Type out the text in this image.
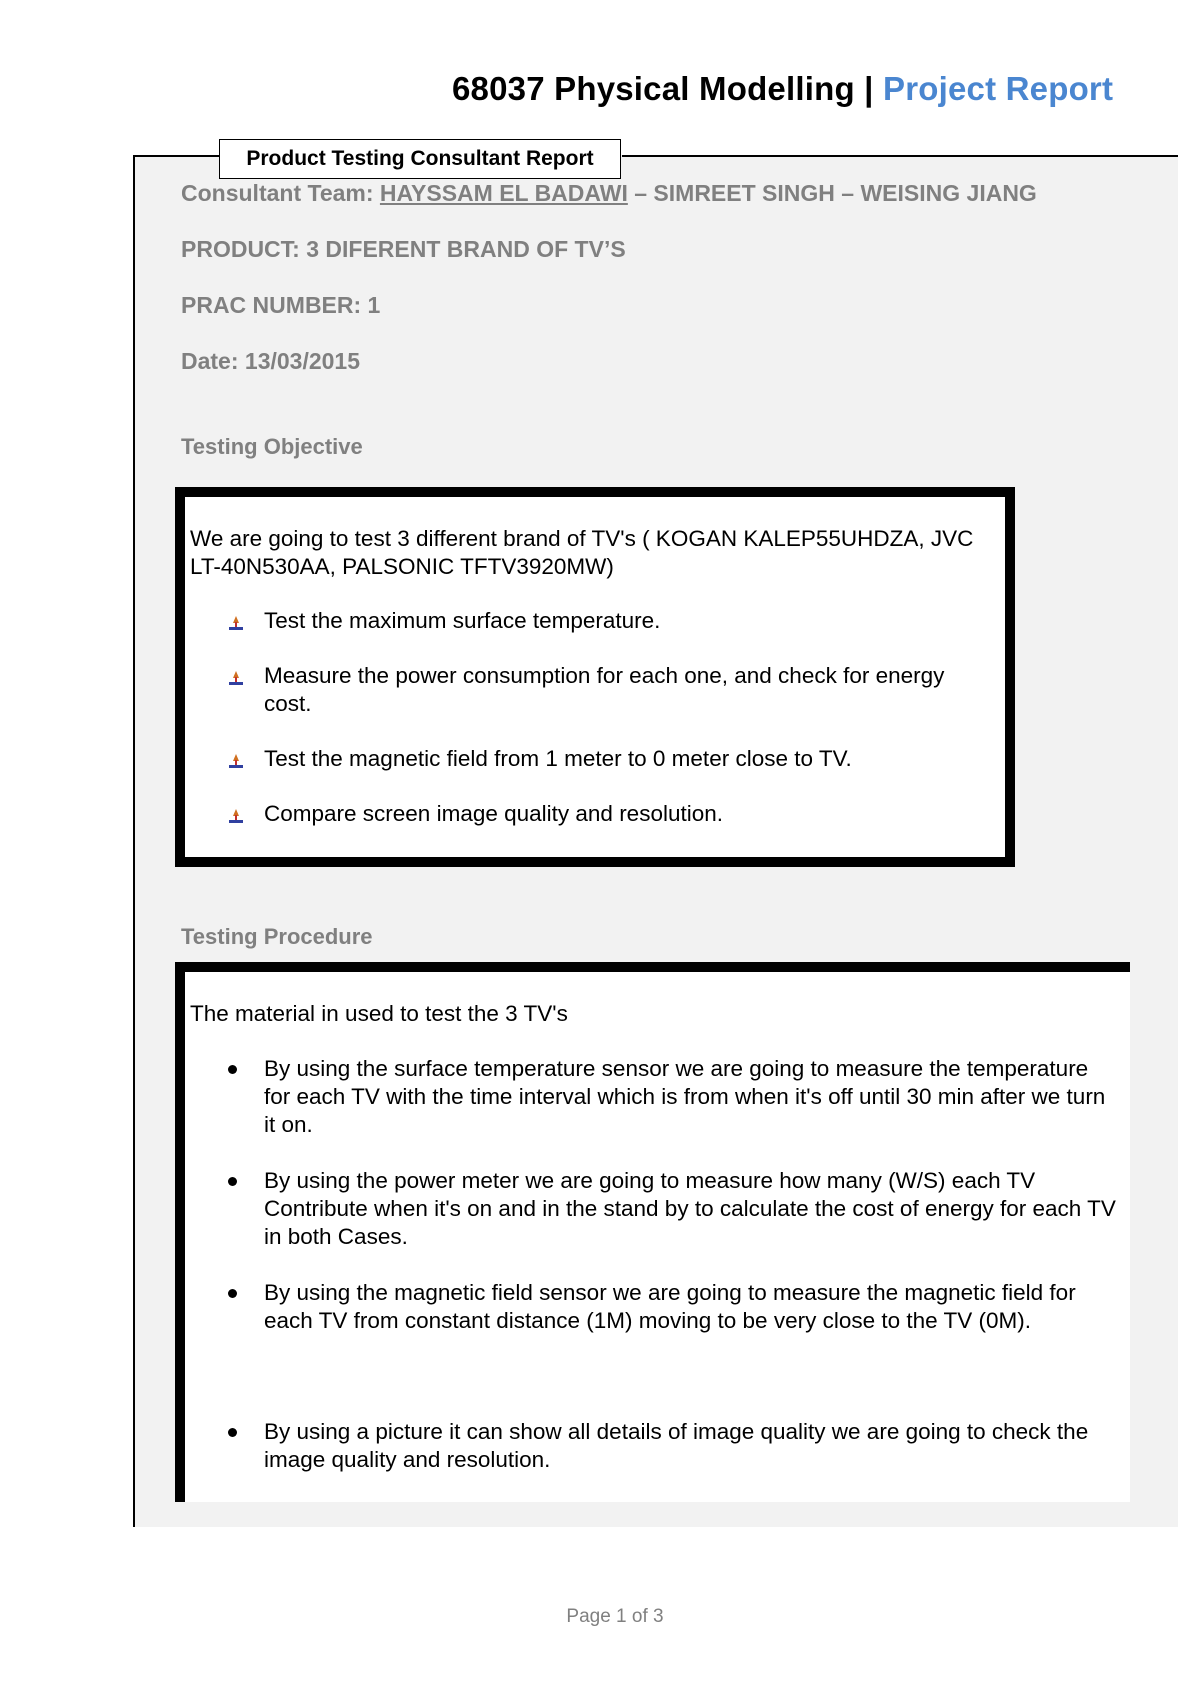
68037 Physical Modelling | Project Report
Product Testing Consultant Report
Consultant Team: HAYSSAM EL BADAWI – SIMREET SINGH – WEISING JIANG
PRODUCT: 3 DIFERENT BRAND OF TV’S
PRAC NUMBER: 1
Date: 13/03/2015
Testing Objective
We are going to test 3 different brand of TV's ( KOGAN KALEP55UHDZA, JVC LT-40N530AA, PALSONIC TFTV3920MW)
Test the maximum surface temperature.
Measure the power consumption for each one, and check for energy cost.
Test the magnetic field from 1 meter to 0 meter close to TV.
Compare screen image quality and resolution.
Testing Procedure
The material in used to test the 3 TV's
By using the surface temperature sensor we are going to measure the temperature for each TV with the time interval which is from when it's off until 30 min after we turn it on.
By using the power meter we are going to measure how many (W/S) each TV Contribute when it's on and in the stand by to calculate the cost of energy for each TV in both Cases.
By using the magnetic field sensor we are going to measure the magnetic field for each TV from constant distance (1M) moving to be very close to the TV (0M).
By using a picture it can show all details of image quality we are going to check the image quality and resolution.
Page 1 of 3
